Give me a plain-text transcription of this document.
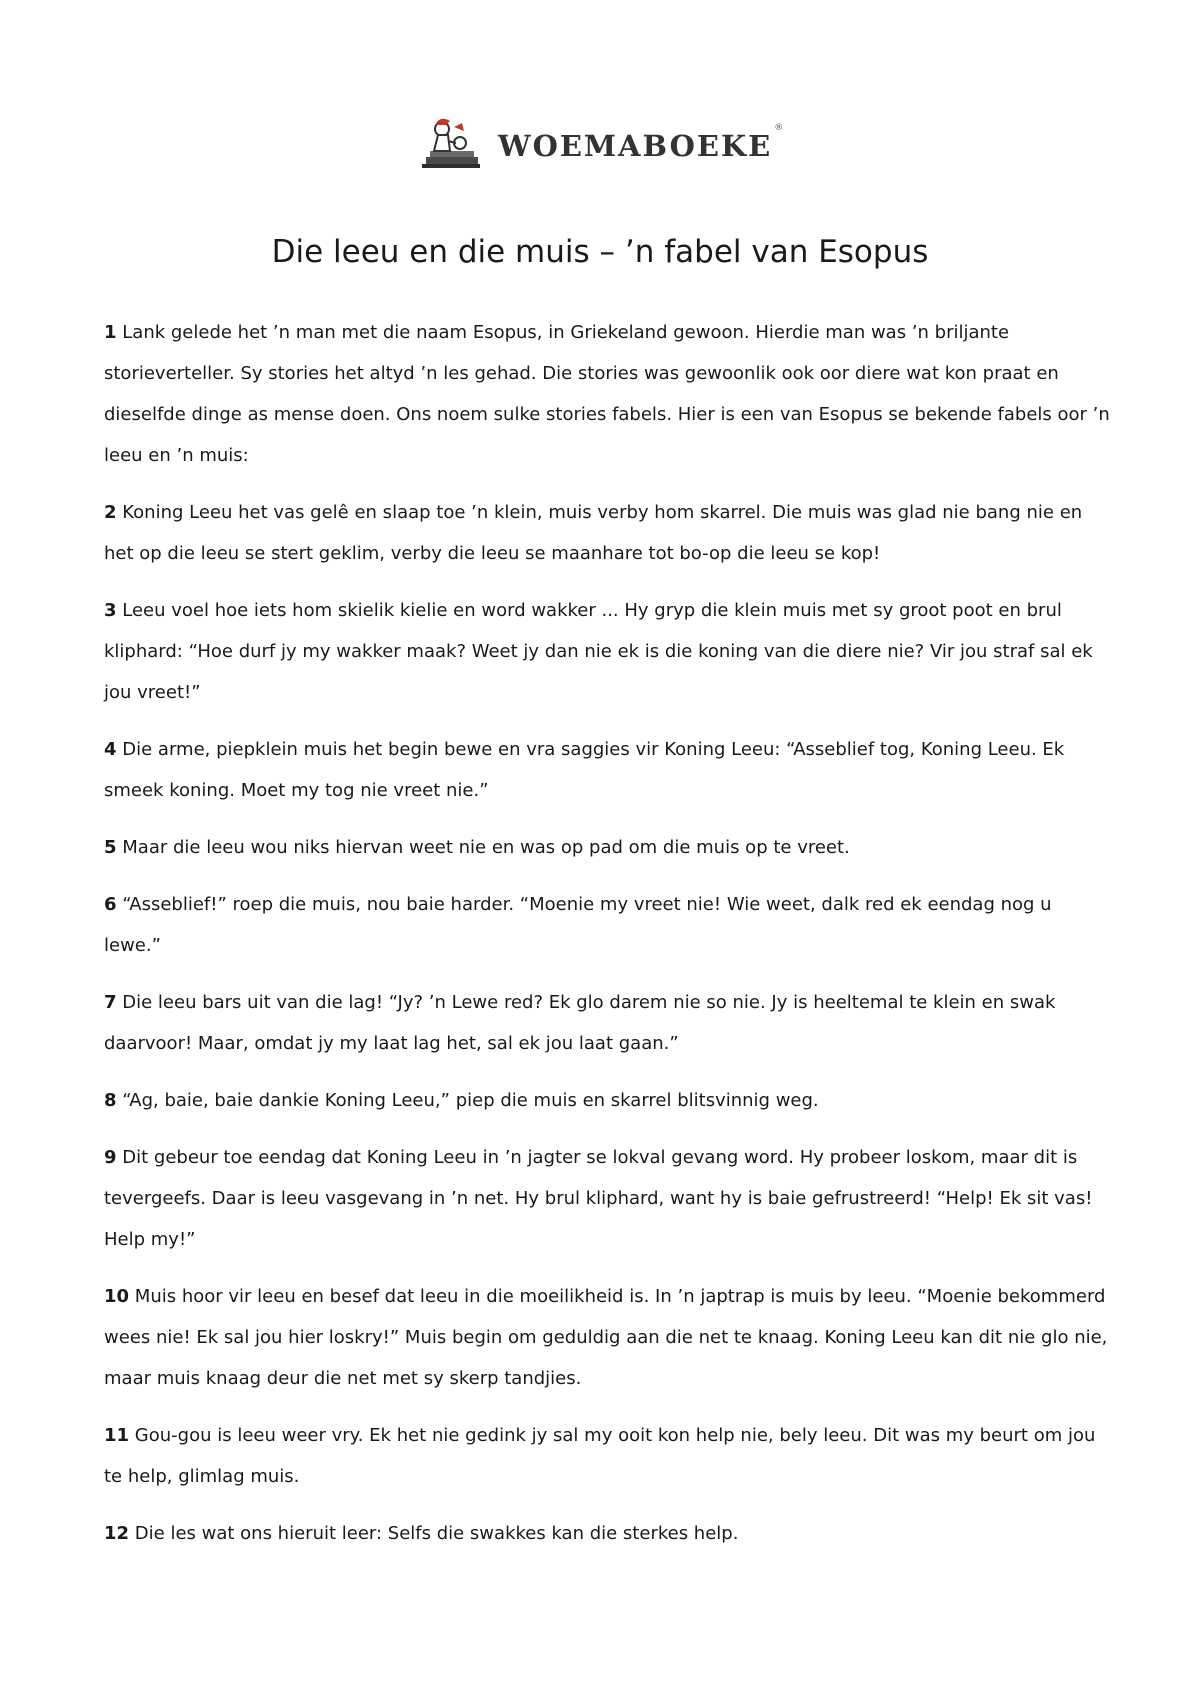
WOEMABOEKE
®
Die leeu en die muis – ’n fabel van Esopus

1 Lank gelede het ’n man met die naam Esopus, in Griekeland gewoon. Hierdie man was ’n briljante storieverteller. Sy stories het altyd ’n les gehad. Die stories was gewoonlik ook oor diere wat kon praat en dieselfde dinge as mense doen. Ons noem sulke stories fabels. Hier is een van Esopus se bekende fabels oor ’n leeu en ’n muis:

2 Koning Leeu het vas gelê en slaap toe ’n klein, muis verby hom skarrel. Die muis was glad nie bang nie en het op die leeu se stert geklim, verby die leeu se maanhare tot bo-op die leeu se kop!

3 Leeu voel hoe iets hom skielik kielie en word wakker ... Hy gryp die klein muis met sy groot poot en brul kliphard: “Hoe durf jy my wakker maak? Weet jy dan nie ek is die koning van die diere nie? Vir jou straf sal ek jou vreet!”

4 Die arme, piepklein muis het begin bewe en vra saggies vir Koning Leeu: “Asseblief tog, Koning Leeu. Ek smeek koning. Moet my tog nie vreet nie.”

5 Maar die leeu wou niks hiervan weet nie en was op pad om die muis op te vreet.

6 “Asseblief!” roep die muis, nou baie harder. “Moenie my vreet nie! Wie weet, dalk red ek eendag nog u lewe.”

7 Die leeu bars uit van die lag! “Jy? ’n Lewe red? Ek glo darem nie so nie. Jy is heeltemal te klein en swak daarvoor! Maar, omdat jy my laat lag het, sal ek jou laat gaan.”

8 “Ag, baie, baie dankie Koning Leeu,” piep die muis en skarrel blitsvinnig weg.

9 Dit gebeur toe eendag dat Koning Leeu in ’n jagter se lokval gevang word. Hy probeer loskom, maar dit is tevergeefs. Daar is leeu vasgevang in ’n net. Hy brul kliphard, want hy is baie gefrustreerd! “Help! Ek sit vas! Help my!”

10 Muis hoor vir leeu en besef dat leeu in die moeilikheid is. In ’n japtrap is muis by leeu. “Moenie bekommerd wees nie! Ek sal jou hier loskry!” Muis begin om geduldig aan die net te knaag. Koning Leeu kan dit nie glo nie, maar muis knaag deur die net met sy skerp tandjies.

11 Gou-gou is leeu weer vry. Ek het nie gedink jy sal my ooit kon help nie, bely leeu. Dit was my beurt om jou te help, glimlag muis.

12 Die les wat ons hieruit leer: Selfs die swakkes kan die sterkes help.
